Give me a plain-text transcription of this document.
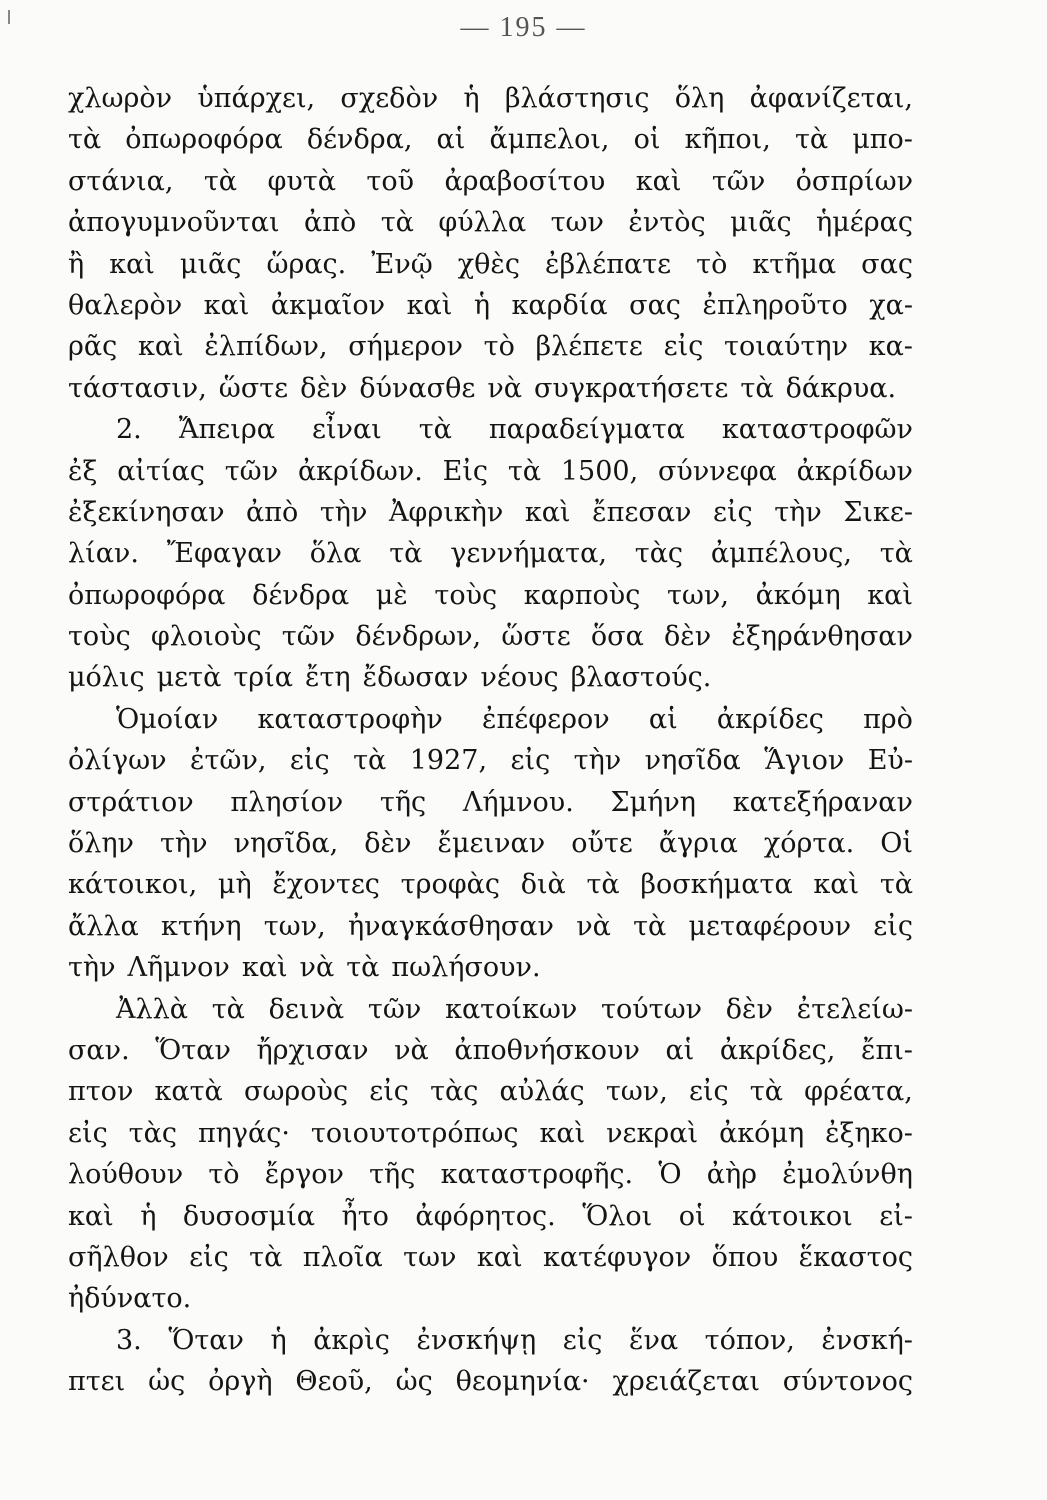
— 195 —
χλωρὸν ὑπάρχει, σχεδὸν ἡ βλάστησις ὅλη ἀφανίζεται,
τὰ ὀπωροφόρα δένδρα, αἱ ἄμπελοι, οἱ κῆποι, τὰ μπο-
στάνια, τὰ φυτὰ τοῦ ἀραβοσίτου καὶ τῶν ὀσπρίων
ἀπογυμνοῦνται ἀπὸ τὰ φύλλα των ἐντὸς μιᾶς ἡμέρας
ἢ καὶ μιᾶς ὥρας. Ἐνῷ χθὲς ἐβλέπατε τὸ κτῆμα σας
θαλερὸν καὶ ἀκμαῖον καὶ ἡ καρδία σας ἐπληροῦτο χα-
ρᾶς καὶ ἐλπίδων, σήμερον τὸ βλέπετε εἰς τοιαύτην κα-
τάστασιν, ὥστε δὲν δύνασθε νὰ συγκρατήσετε τὰ δάκρυα.
2. Ἄπειρα εἶναι τὰ παραδείγματα καταστροφῶν
ἐξ αἰτίας τῶν ἀκρίδων. Εἰς τὰ 1500, σύννεφα ἀκρίδων
ἐξεκίνησαν ἀπὸ τὴν Ἀφρικὴν καὶ ἔπεσαν εἰς τὴν Σικε-
λίαν. Ἔφαγαν ὅλα τὰ γεννήματα, τὰς ἀμπέλους, τὰ
ὀπωροφόρα δένδρα μὲ τοὺς καρποὺς των, ἀκόμη καὶ
τοὺς φλοιοὺς τῶν δένδρων, ὥστε ὅσα δὲν ἐξηράνθησαν
μόλις μετὰ τρία ἔτη ἔδωσαν νέους βλαστούς.
Ὁμοίαν καταστροφὴν ἐπέφερον αἱ ἀκρίδες πρὸ
ὀλίγων ἐτῶν, εἰς τὰ 1927, εἰς τὴν νησῖδα Ἅγιον Εὐ-
στράτιον πλησίον τῆς Λήμνου. Σμήνη κατεξήραναν
ὅλην τὴν νησῖδα, δὲν ἔμειναν οὔτε ἄγρια χόρτα. Οἱ
κάτοικοι, μὴ ἔχοντες τροφὰς διὰ τὰ βοσκήματα καὶ τὰ
ἄλλα κτήνη των, ἠναγκάσθησαν νὰ τὰ μεταφέρουν εἰς
τὴν Λῆμνον καὶ νὰ τὰ πωλήσουν.
Ἀλλὰ τὰ δεινὰ τῶν κατοίκων τούτων δὲν ἐτελείω-
σαν. Ὅταν ἤρχισαν νὰ ἀποθνήσκουν αἱ ἀκρίδες, ἔπι-
πτον κατὰ σωροὺς εἰς τὰς αὐλάς των, εἰς τὰ φρέατα,
εἰς τὰς πηγάς· τοιουτοτρόπως καὶ νεκραὶ ἀκόμη ἐξηκο-
λούθουν τὸ ἔργον τῆς καταστροφῆς. Ὁ ἀὴρ ἐμολύνθη
καὶ ἡ δυσοσμία ἦτο ἀφόρητος. Ὅλοι οἱ κάτοικοι εἰ-
σῆλθον εἰς τὰ πλοῖα των καὶ κατέφυγον ὅπου ἕκαστος
ἠδύνατο.
3. Ὅταν ἡ ἀκρὶς ἐνσκήψῃ εἰς ἕνα τόπον, ἐνσκή-
πτει ὡς ὀργὴ Θεοῦ, ὡς θεομηνία· χρειάζεται σύντονος
